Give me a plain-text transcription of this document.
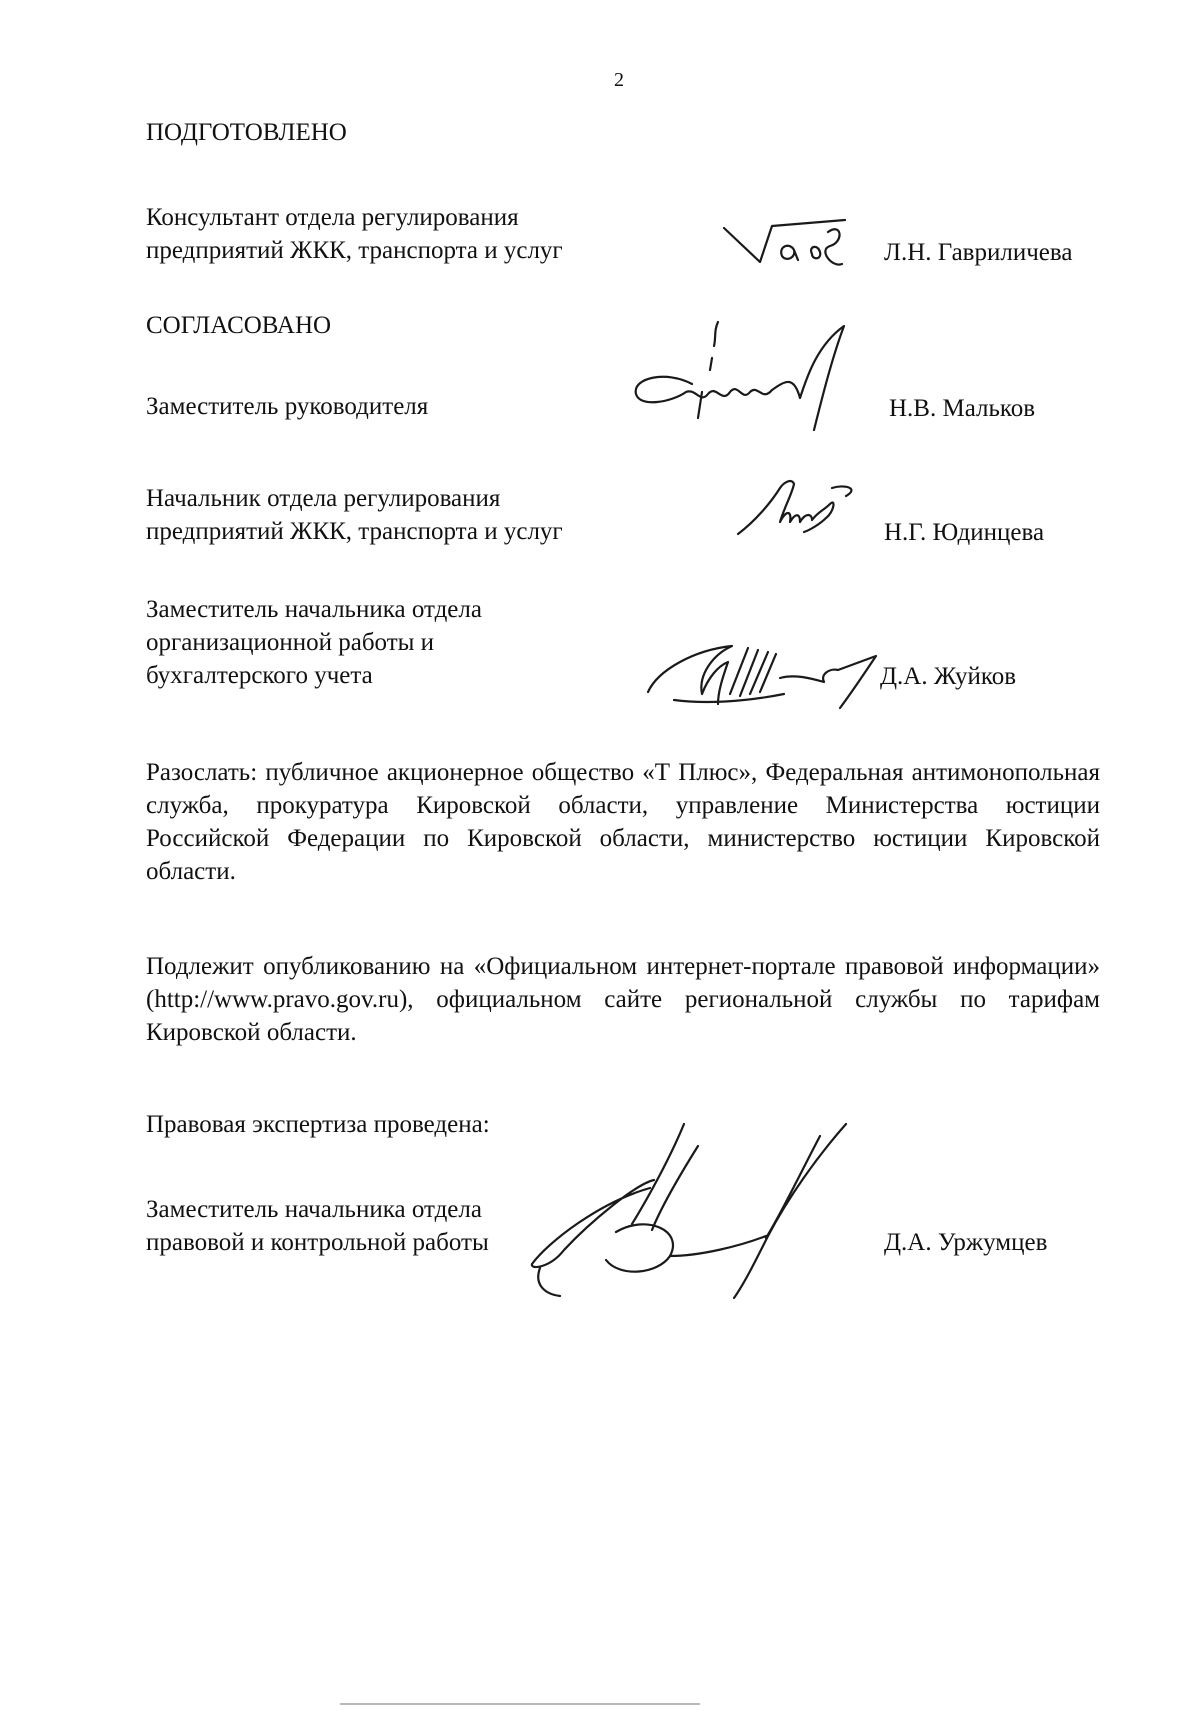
2
ПОДГОТОВЛЕНО
Консультант отдела регулирования
предприятий ЖКК, транспорта и услуг	Л.Н. Гавриличева
СОГЛАСОВАНО
Заместитель руководителя	Н.В. Мальков
Начальник отдела регулирования
предприятий ЖКК, транспорта и услуг	Н.Г. Юдинцева
Заместитель начальника отдела
организационной работы и
бухгалтерского учета	Д.А. Жуйков
Разослать: публичное акционерное общество «Т Плюс», Федеральная антимонопольная служба, прокуратура Кировской области, управление Министерства юстиции Российской Федерации по Кировской области, министерство юстиции Кировской области.
Подлежит опубликованию на «Официальном интернет-портале правовой информации» (http://www.pravo.gov.ru), официальном сайте региональной службы по тарифам Кировской области.
Правовая экспертиза проведена:
Заместитель начальника отдела
правовой и контрольной работы	Д.А. Уржумцев
